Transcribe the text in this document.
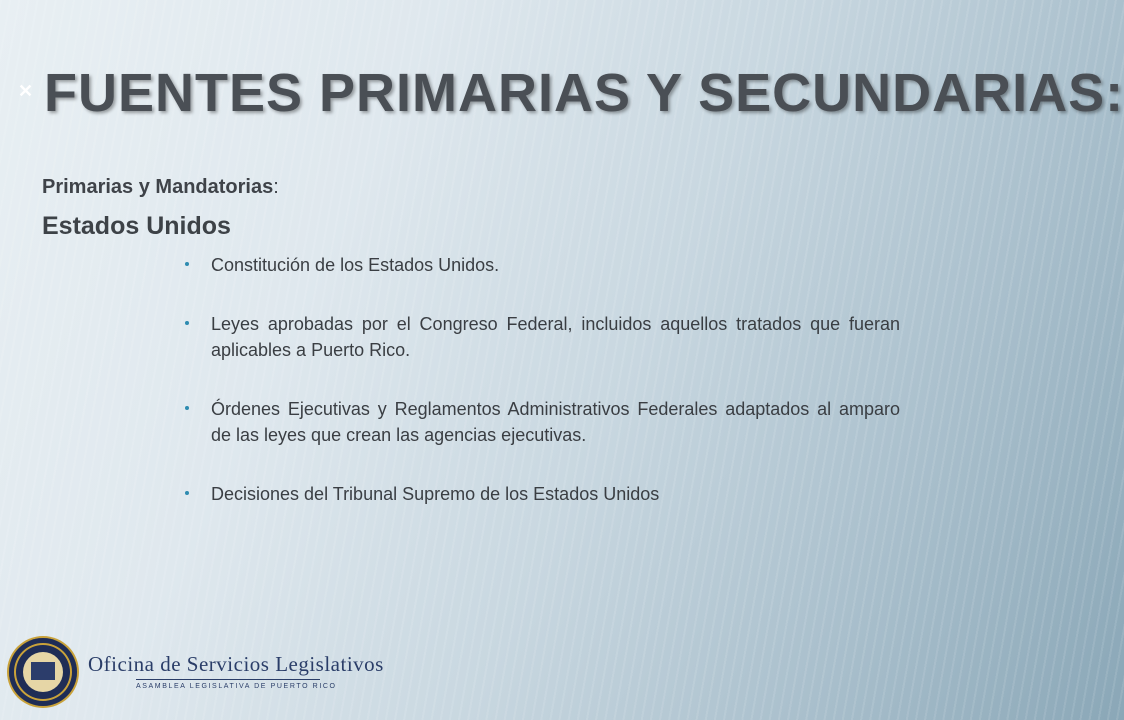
✕ FUENTES PRIMARIAS Y SECUNDARIAS:

Primarias y Mandatorias:

Estados Unidos
Constitución de los Estados Unidos.
Leyes aprobadas por el Congreso Federal, incluidos aquellos tratados que fueran aplicables a Puerto Rico.
Órdenes Ejecutivas y Reglamentos Administrativos Federales adaptados al amparo de las leyes que crean las agencias ejecutivas.
Decisiones del Tribunal Supremo de los Estados Unidos

Oficina de Servicios Legislativos

ASAMBLEA LEGISLATIVA DE PUERTO RICO
